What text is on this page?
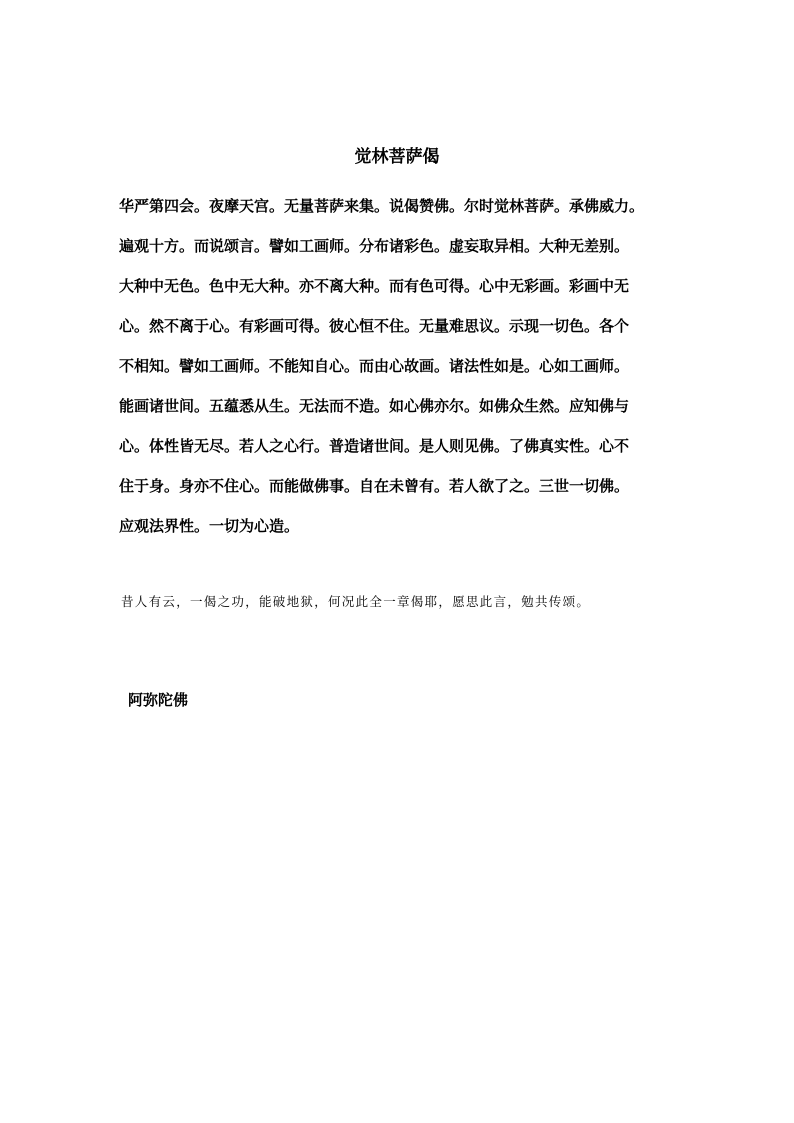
觉林菩萨偈
华严第四会。夜摩天宫。无量菩萨来集。说偈赞佛。尔时觉林菩萨。承佛威力。
遍观十方。而说颂言。譬如工画师。分布诸彩色。虚妄取异相。大种无差别。
大种中无色。色中无大种。亦不离大种。而有色可得。心中无彩画。彩画中无
心。然不离于心。有彩画可得。彼心恒不住。无量难思议。示现一切色。各个
不相知。譬如工画师。不能知自心。而由心故画。诸法性如是。心如工画师。
能画诸世间。五蕴悉从生。无法而不造。如心佛亦尔。如佛众生然。应知佛与
心。体性皆无尽。若人之心行。普造诸世间。是人则见佛。了佛真实性。心不
住于身。身亦不住心。而能做佛事。自在未曾有。若人欲了之。三世一切佛。
应观法界性。一切为心造。

昔人有云，一偈之功，能破地狱，何况此全一章偈耶，愿思此言，勉共传颂。

阿弥陀佛
